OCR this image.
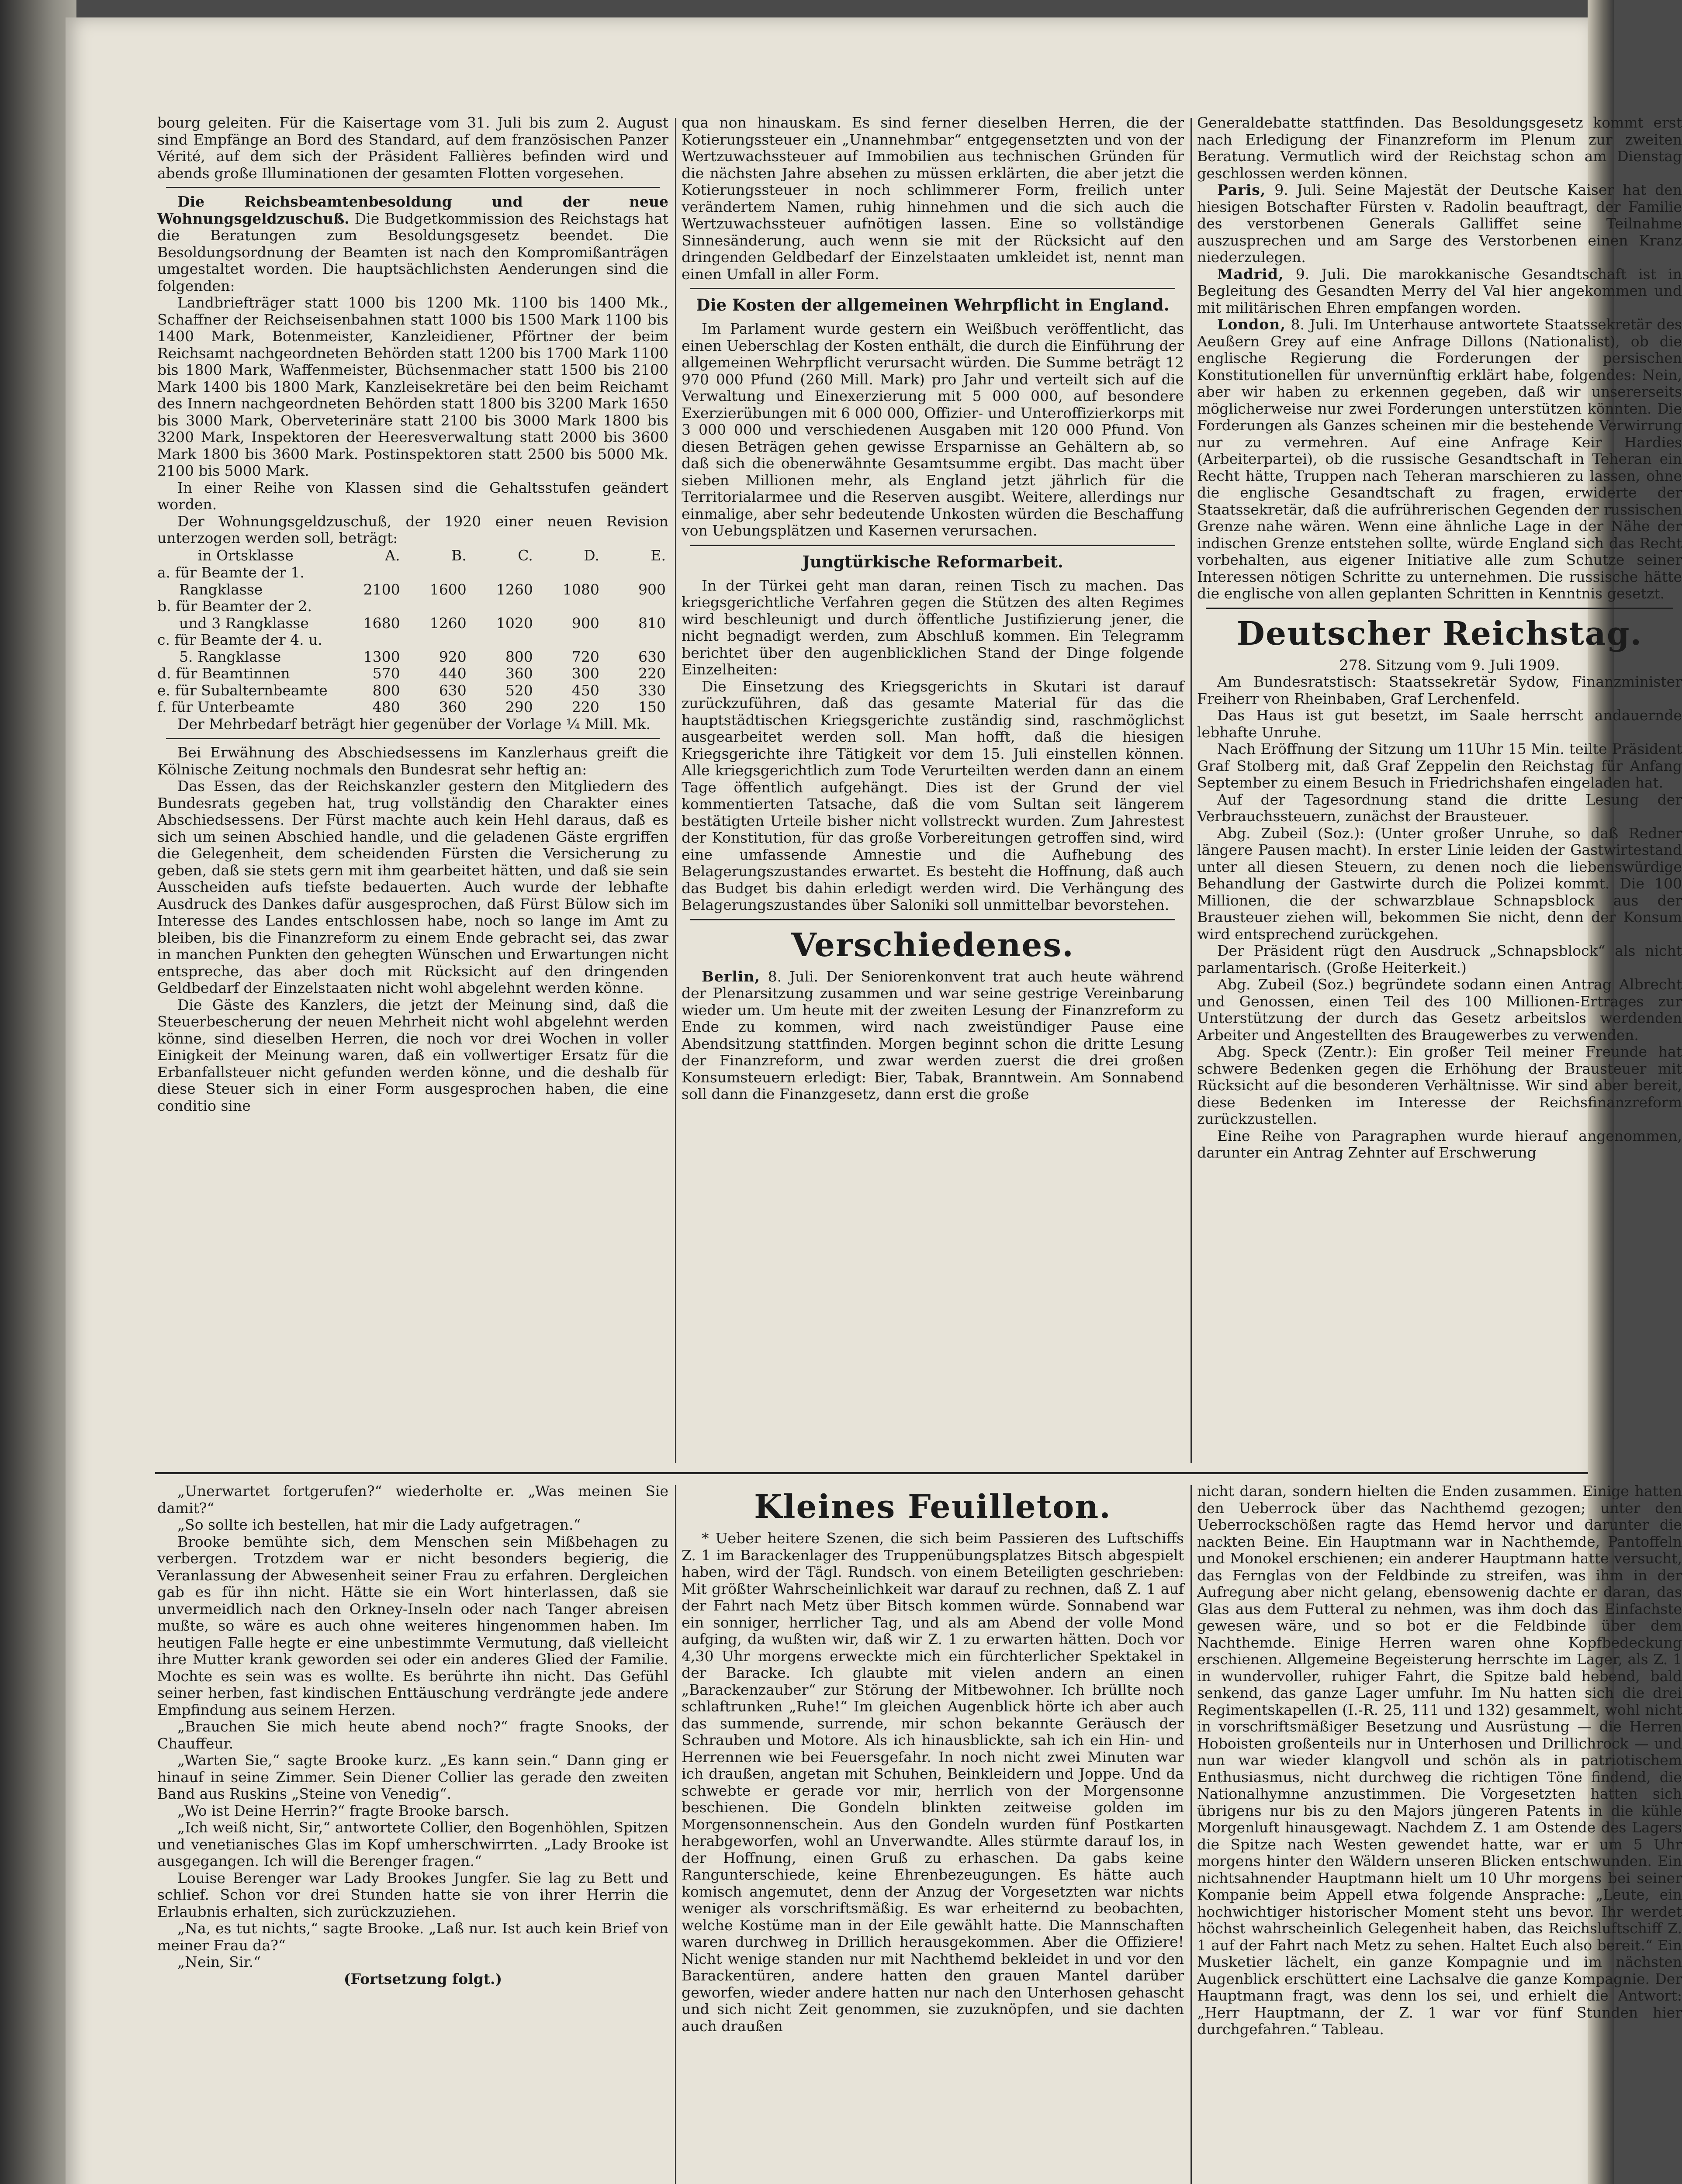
bourg geleiten. Für die Kaisertage vom 31. Juli bis zum 2. August sind Empfänge an Bord des Standard, auf dem französischen Panzer Vérité, auf dem sich der Präsident Fallières befinden wird und abends große Illuminationen der gesamten Flotten vorgesehen.

Die Reichsbeamtenbesoldung und der neue Wohnungsgeldzuschuß. Die Budgetkommission des Reichstags hat die Beratungen zum Besoldungsgesetz beendet. Die Besoldungsordnung der Beamten ist nach den Kompromißanträgen umgestaltet worden. Die hauptsächlichsten Aenderungen sind die folgenden:

Landbriefträger statt 1000 bis 1200 Mk. 1100 bis 1400 Mk., Schaffner der Reichseisenbahnen statt 1000 bis 1500 Mark 1100 bis 1400 Mark, Botenmeister, Kanzleidiener, Pförtner der beim Reichsamt nachgeordneten Behörden statt 1200 bis 1700 Mark 1100 bis 1800 Mark, Waffenmeister, Büchsenmacher statt 1500 bis 2100 Mark 1400 bis 1800 Mark, Kanzleisekretäre bei den beim Reichamt des Innern nachgeordneten Behörden statt 1800 bis 3200 Mark 1650 bis 3000 Mark, Oberveterinäre statt 2100 bis 3000 Mark 1800 bis 3200 Mark, Inspektoren der Heeresverwaltung statt 2000 bis 3600 Mark 1800 bis 3600 Mark. Postinspektoren statt 2500 bis 5000 Mk. 2100 bis 5000 Mark.

In einer Reihe von Klassen sind die Gehaltsstufen geändert worden.

Der Wohnungsgeldzuschuß, der 1920 einer neuen Revision unterzogen werden soll, beträgt:

in Ortsklasse	A.	B.	C.	D.	E.
a. für Beamte der 1.					
Rangklasse	2100	1600	1260	1080	900
b. für Beamter der 2.					
und 3 Rangklasse	1680	1260	1020	900	810
c. für Beamte der 4. u.					
5. Rangklasse	1300	920	800	720	630
d. für Beamtinnen	570	440	360	300	220
e. für Subalternbeamte	800	630	520	450	330
f. für Unterbeamte	480	360	290	220	150

Der Mehrbedarf beträgt hier gegenüber der Vorlage ¼ Mill. Mk.

Bei Erwähnung des Abschiedsessens im Kanzlerhaus greift die Kölnische Zeitung nochmals den Bundesrat sehr heftig an:

Das Essen, das der Reichskanzler gestern den Mitgliedern des Bundesrats gegeben hat, trug vollständig den Charakter eines Abschiedsessens. Der Fürst machte auch kein Hehl daraus, daß es sich um seinen Abschied handle, und die geladenen Gäste ergriffen die Gelegenheit, dem scheidenden Fürsten die Versicherung zu geben, daß sie stets gern mit ihm gearbeitet hätten, und daß sie sein Ausscheiden aufs tiefste bedauerten. Auch wurde der lebhafte Ausdruck des Dankes dafür ausgesprochen, daß Fürst Bülow sich im Interesse des Landes entschlossen habe, noch so lange im Amt zu bleiben, bis die Finanzreform zu einem Ende gebracht sei, das zwar in manchen Punkten den gehegten Wünschen und Erwartungen nicht entspreche, das aber doch mit Rücksicht auf den dringenden Geldbedarf der Einzelstaaten nicht wohl abgelehnt werden könne.

Die Gäste des Kanzlers, die jetzt der Meinung sind, daß die Steuerbescherung der neuen Mehrheit nicht wohl abgelehnt werden könne, sind dieselben Herren, die noch vor drei Wochen in voller Einigkeit der Meinung waren, daß ein vollwertiger Ersatz für die Erbanfallsteuer nicht gefunden werden könne, und die deshalb für diese Steuer sich in einer Form ausgesprochen haben, die eine conditio sine

qua non hinauskam. Es sind ferner dieselben Herren, die der Kotierungssteuer ein „Unannehmbar“ entgegensetzten und von der Wertzuwachssteuer auf Immobilien aus technischen Gründen für die nächsten Jahre absehen zu müssen erklärten, die aber jetzt die Kotierungssteuer in noch schlimmerer Form, freilich unter verändertem Namen, ruhig hinnehmen und die sich auch die Wertzuwachssteuer aufnötigen lassen. Eine so vollständige Sinnesänderung, auch wenn sie mit der Rücksicht auf den dringenden Geldbedarf der Einzelstaaten umkleidet ist, nennt man einen Umfall in aller Form.

Die Kosten der allgemeinen Wehrpflicht in England.

Im Parlament wurde gestern ein Weißbuch veröffentlicht, das einen Ueberschlag der Kosten enthält, die durch die Einführung der allgemeinen Wehrpflicht verursacht würden. Die Summe beträgt 12 970 000 Pfund (260 Mill. Mark) pro Jahr und verteilt sich auf die Verwaltung und Einexerzierung mit 5 000 000, auf besondere Exerzierübungen mit 6 000 000, Offizier- und Unteroffizierkorps mit 3 000 000 und verschiedenen Ausgaben mit 120 000 Pfund. Von diesen Beträgen gehen gewisse Ersparnisse an Gehältern ab, so daß sich die obenerwähnte Gesamtsumme ergibt. Das macht über sieben Millionen mehr, als England jetzt jährlich für die Territorialarmee und die Reserven ausgibt. Weitere, allerdings nur einmalige, aber sehr bedeutende Unkosten würden die Beschaffung von Uebungsplätzen und Kasernen verursachen.

Jungtürkische Reformarbeit.

In der Türkei geht man daran, reinen Tisch zu machen. Das kriegsgerichtliche Verfahren gegen die Stützen des alten Regimes wird beschleunigt und durch öffentliche Justifizierung jener, die nicht begnadigt werden, zum Abschluß kommen. Ein Telegramm berichtet über den augenblicklichen Stand der Dinge folgende Einzelheiten:

Die Einsetzung des Kriegsgerichts in Skutari ist darauf zurückzuführen, daß das gesamte Material für das die hauptstädtischen Kriegsgerichte zuständig sind, raschmöglichst ausgearbeitet werden soll. Man hofft, daß die hiesigen Kriegsgerichte ihre Tätigkeit vor dem 15. Juli einstellen können. Alle kriegsgerichtlich zum Tode Verurteilten werden dann an einem Tage öffentlich aufgehängt. Dies ist der Grund der viel kommentierten Tatsache, daß die vom Sultan seit längerem bestätigten Urteile bisher nicht vollstreckt wurden. Zum Jahrestest der Konstitution, für das große Vorbereitungen getroffen sind, wird eine umfassende Amnestie und die Aufhebung des Belagerungszustandes erwartet. Es besteht die Hoffnung, daß auch das Budget bis dahin erledigt werden wird. Die Verhängung des Belagerungszustandes über Saloniki soll unmittelbar bevorstehen.

Verschiedenes.

Berlin, 8. Juli. Der Seniorenkonvent trat auch heute während der Plenarsitzung zusammen und war seine gestrige Vereinbarung wieder um. Um heute mit der zweiten Lesung der Finanzreform zu Ende zu kommen, wird nach zweistündiger Pause eine Abendsitzung stattfinden. Morgen beginnt schon die dritte Lesung der Finanzreform, und zwar werden zuerst die drei großen Konsumsteuern erledigt: Bier, Tabak, Branntwein. Am Sonnabend soll dann die Finanzgesetz, dann erst die große

Generaldebatte stattfinden. Das Besoldungsgesetz kommt erst nach Erledigung der Finanzreform im Plenum zur zweiten Beratung. Vermutlich wird der Reichstag schon am Dienstag geschlossen werden können.

Paris, 9. Juli. Seine Majestät der Deutsche Kaiser hat den hiesigen Botschafter Fürsten v. Radolin beauftragt, der Familie des verstorbenen Generals Galliffet seine Teilnahme auszusprechen und am Sarge des Verstorbenen einen Kranz niederzulegen.

Madrid, 9. Juli. Die marokkanische Gesandtschaft ist in Begleitung des Gesandten Merry del Val hier angekommen und mit militärischen Ehren empfangen worden.

London, 8. Juli. Im Unterhause antwortete Staatssekretär des Aeußern Grey auf eine Anfrage Dillons (Nationalist), ob die englische Regierung die Forderungen der persischen Konstitutionellen für unvernünftig erklärt habe, folgendes: Nein, aber wir haben zu erkennen gegeben, daß wir unsererseits möglicherweise nur zwei Forderungen unterstützen könnten. Die Forderungen als Ganzes scheinen mir die bestehende Verwirrung nur zu vermehren. Auf eine Anfrage Keir Hardies (Arbeiterpartei), ob die russische Gesandtschaft in Teheran ein Recht hätte, Truppen nach Teheran marschieren zu lassen, ohne die englische Gesandtschaft zu fragen, erwiderte der Staatssekretär, daß die aufrührerischen Gegenden der russischen Grenze nahe wären. Wenn eine ähnliche Lage in der Nähe der indischen Grenze entstehen sollte, würde England sich das Recht vorbehalten, aus eigener Initiative alle zum Schutze seiner Interessen nötigen Schritte zu unternehmen. Die russische hätte die englische von allen geplanten Schritten in Kenntnis gesetzt.

Deutscher Reichstag.

278. Sitzung vom 9. Juli 1909.

Am Bundesratstisch: Staatssekretär Sydow, Finanzminister Freiherr von Rheinbaben, Graf Lerchenfeld.

Das Haus ist gut besetzt, im Saale herrscht andauernde lebhafte Unruhe.

Nach Eröffnung der Sitzung um 11Uhr 15 Min. teilte Präsident Graf Stolberg mit, daß Graf Zeppelin den Reichstag für Anfang September zu einem Besuch in Friedrichshafen eingeladen hat.

Auf der Tagesordnung stand die dritte Lesung der Verbrauchssteuern, zunächst der Brausteuer.

Abg. Zubeil (Soz.): (Unter großer Unruhe, so daß Redner längere Pausen macht). In erster Linie leiden der Gastwirtestand unter all diesen Steuern, zu denen noch die liebenswürdige Behandlung der Gastwirte durch die Polizei kommt. Die 100 Millionen, die der schwarzblaue Schnapsblock aus der Brausteuer ziehen will, bekommen Sie nicht, denn der Konsum wird entsprechend zurückgehen.

Der Präsident rügt den Ausdruck „Schnapsblock“ als nicht parlamentarisch. (Große Heiterkeit.)

Abg. Zubeil (Soz.) begründete sodann einen Antrag Albrecht und Genossen, einen Teil des 100 Millionen-Ertrages zur Unterstützung der durch das Gesetz arbeitslos werdenden Arbeiter und Angestellten des Braugewerbes zu verwenden.

Abg. Speck (Zentr.): Ein großer Teil meiner Freunde hat schwere Bedenken gegen die Erhöhung der Brausteuer mit Rücksicht auf die besonderen Verhältnisse. Wir sind aber bereit, diese Bedenken im Interesse der Reichsfinanzreform zurückzustellen.

Eine Reihe von Paragraphen wurde hierauf angenommen, darunter ein Antrag Zehnter auf Erschwerung

„Unerwartet fortgerufen?“ wiederholte er. „Was meinen Sie damit?“

„So sollte ich bestellen, hat mir die Lady aufgetragen.“

Brooke bemühte sich, dem Menschen sein Mißbehagen zu verbergen. Trotzdem war er nicht besonders begierig, die Veranlassung der Abwesenheit seiner Frau zu erfahren. Dergleichen gab es für ihn nicht. Hätte sie ein Wort hinterlassen, daß sie unvermeidlich nach den Orkney-Inseln oder nach Tanger abreisen mußte, so wäre es auch ohne weiteres hingenommen haben. Im heutigen Falle hegte er eine unbestimmte Vermutung, daß vielleicht ihre Mutter krank geworden sei oder ein anderes Glied der Familie. Mochte es sein was es wollte. Es berührte ihn nicht. Das Gefühl seiner herben, fast kindischen Enttäuschung verdrängte jede andere Empfindung aus seinem Herzen.

„Brauchen Sie mich heute abend noch?“ fragte Snooks, der Chauffeur.

„Warten Sie,“ sagte Brooke kurz. „Es kann sein.“ Dann ging er hinauf in seine Zimmer. Sein Diener Collier las gerade den zweiten Band aus Ruskins „Steine von Venedig“.

„Wo ist Deine Herrin?“ fragte Brooke barsch.

„Ich weiß nicht, Sir,“ antwortete Collier, den Bogenhöhlen, Spitzen und venetianisches Glas im Kopf umherschwirrten. „Lady Brooke ist ausgegangen. Ich will die Berenger fragen.“

Louise Berenger war Lady Brookes Jungfer. Sie lag zu Bett und schlief. Schon vor drei Stunden hatte sie von ihrer Herrin die Erlaubnis erhalten, sich zurückzuziehen.

„Na, es tut nichts,“ sagte Brooke. „Laß nur. Ist auch kein Brief von meiner Frau da?“

„Nein, Sir.“

(Fortsetzung folgt.)

Kleines Feuilleton.

* Ueber heitere Szenen, die sich beim Passieren des Luftschiffs Z. 1 im Barackenlager des Truppenübungsplatzes Bitsch abgespielt haben, wird der Tägl. Rundsch. von einem Beteiligten geschrieben: Mit größter Wahrscheinlichkeit war darauf zu rechnen, daß Z. 1 auf der Fahrt nach Metz über Bitsch kommen würde. Sonnabend war ein sonniger, herrlicher Tag, und als am Abend der volle Mond aufging, da wußten wir, daß wir Z. 1 zu erwarten hätten. Doch vor 4,30 Uhr morgens erweckte mich ein fürchterlicher Spektakel in der Baracke. Ich glaubte mit vielen andern an einen „Barackenzauber“ zur Störung der Mitbewohner. Ich brüllte noch schlaftrunken „Ruhe!“ Im gleichen Augenblick hörte ich aber auch das summende, surrende, mir schon bekannte Geräusch der Schrauben und Motore. Als ich hinausblickte, sah ich ein Hin- und Herrennen wie bei Feuersgefahr. In noch nicht zwei Minuten war ich draußen, angetan mit Schuhen, Beinkleidern und Joppe. Und da schwebte er gerade vor mir, herrlich von der Morgensonne beschienen. Die Gondeln blinkten zeitweise golden im Morgensonnenschein. Aus den Gondeln wurden fünf Postkarten herabgeworfen, wohl an Unverwandte. Alles stürmte darauf los, in der Hoffnung, einen Gruß zu erhaschen. Da gabs keine Rangunterschiede, keine Ehrenbezeugungen. Es hätte auch komisch angemutet, denn der Anzug der Vorgesetzten war nichts weniger als vorschriftsmäßig. Es war erheiternd zu beobachten, welche Kostüme man in der Eile gewählt hatte. Die Mannschaften waren durchweg in Drillich herausgekommen. Aber die Offiziere! Nicht wenige standen nur mit Nachthemd bekleidet in und vor den Barackentüren, andere hatten den grauen Mantel darüber geworfen, wieder andere hatten nur nach den Unterhosen gehascht und sich nicht Zeit genommen, sie zuzuknöpfen, und sie dachten auch draußen

nicht daran, sondern hielten die Enden zusammen. Einige hatten den Ueberrock über das Nachthemd gezogen; unter den Ueberrockschößen ragte das Hemd hervor und darunter die nackten Beine. Ein Hauptmann war in Nachthemde, Pantoffeln und Monokel erschienen; ein anderer Hauptmann hatte versucht, das Fernglas von der Feldbinde zu streifen, was ihm in der Aufregung aber nicht gelang, ebensowenig dachte er daran, das Glas aus dem Futteral zu nehmen, was ihm doch das Einfachste gewesen wäre, und so bot er die Feldbinde über dem Nachthemde. Einige Herren waren ohne Kopfbedeckung erschienen. Allgemeine Begeisterung herrschte im Lager, als Z. 1 in wundervoller, ruhiger Fahrt, die Spitze bald hebend, bald senkend, das ganze Lager umfuhr. Im Nu hatten sich die drei Regimentskapellen (I.-R. 25, 111 und 132) gesammelt, wohl nicht in vorschriftsmäßiger Besetzung und Ausrüstung — die Herren Hoboisten großenteils nur in Unterhosen und Drillichrock — und nun war wieder klangvoll und schön als in patriotischem Enthusiasmus, nicht durchweg die richtigen Töne findend, die Nationalhymne anzustimmen. Die Vorgesetzten hatten sich übrigens nur bis zu den Majors jüngeren Patents in die kühle Morgenluft hinausgewagt. Nachdem Z. 1 am Ostende des Lagers die Spitze nach Westen gewendet hatte, war er um 5 Uhr morgens hinter den Wäldern unseren Blicken entschwunden. Ein nichtsahnender Hauptmann hielt um 10 Uhr morgens bei seiner Kompanie beim Appell etwa folgende Ansprache: „Leute, ein hochwichtiger historischer Moment steht uns bevor. Ihr werdet höchst wahrscheinlich Gelegenheit haben, das Reichsluftschiff Z. 1 auf der Fahrt nach Metz zu sehen. Haltet Euch also bereit.“ Ein Musketier lächelt, ein ganze Kompagnie und im nächsten Augenblick erschüttert eine Lachsalve die ganze Kompagnie. Der Hauptmann fragt, was denn los sei, und erhielt die Antwort: „Herr Hauptmann, der Z. 1 war vor fünf Stunden hier durchgefahren.“ Tableau.
